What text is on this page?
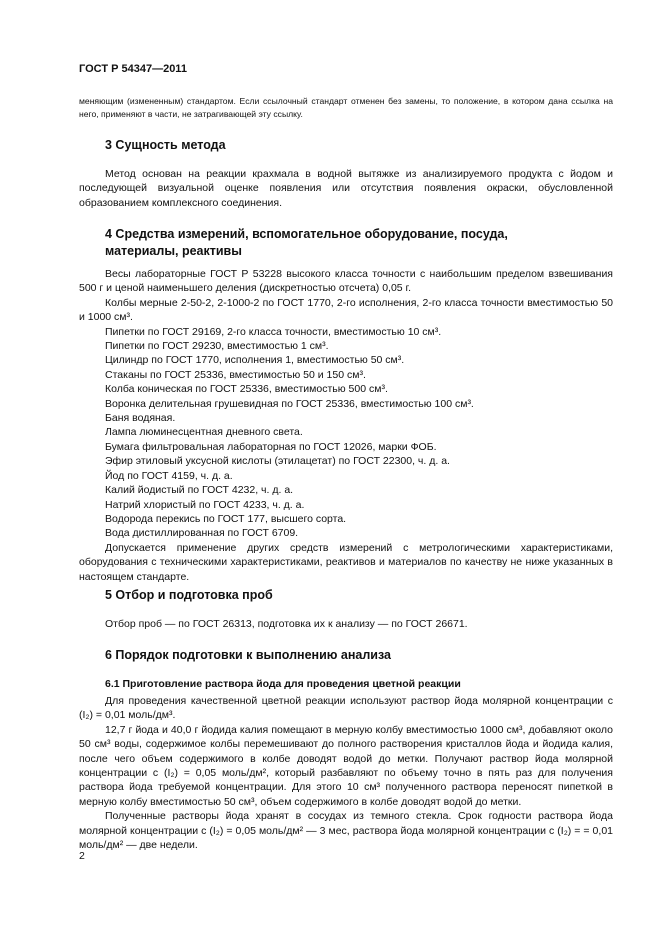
ГОСТ Р 54347—2011

меняющим (измененным) стандартом. Если ссылочный стандарт отменен без замены, то положение, в котором дана ссылка на него, применяют в части, не затрагивающей эту ссылку.

3 Сущность метода

Метод основан на реакции крахмала в водной вытяжке из анализируемого продукта с йодом и последующей визуальной оценке появления или отсутствия появления окраски, обусловленной образованием комплексного соединения.

4 Средства измерений, вспомогательное оборудование, посуда,
материалы, реактивы

Весы лабораторные ГОСТ Р 53228 высокого класса точности с наибольшим пределом взвешивания 500 г и ценой наименьшего деления (дискретностью отсчета) 0,05 г.

Колбы мерные 2-50-2, 2-1000-2 по ГОСТ 1770, 2-го исполнения, 2-го класса точности вместимостью 50 и 1000 см³.

Пипетки по ГОСТ 29169, 2-го класса точности, вместимостью 10 см³.

Пипетки по ГОСТ 29230, вместимостью 1 см³.

Цилиндр по ГОСТ 1770, исполнения 1, вместимостью 50 см³.

Стаканы по ГОСТ 25336, вместимостью 50 и 150 см³.

Колба коническая по ГОСТ 25336, вместимостью 500 см³.

Воронка делительная грушевидная по ГОСТ 25336, вместимостью 100 см³.

Баня водяная.

Лампа люминесцентная дневного света.

Бумага фильтровальная лабораторная по ГОСТ 12026, марки ФОБ.

Эфир этиловый уксусной кислоты (этилацетат) по ГОСТ 22300, ч. д. а.

Йод по ГОСТ 4159, ч. д. а.

Калий йодистый по ГОСТ 4232, ч. д. а.

Натрий хлористый по ГОСТ 4233, ч. д. а.

Водорода перекись по ГОСТ 177, высшего сорта.

Вода дистиллированная по ГОСТ 6709.

Допускается применение других средств измерений с метрологическими характеристиками, оборудования с техническими характеристиками, реактивов и материалов по качеству не ниже указанных в настоящем стандарте.

5 Отбор и подготовка проб

Отбор проб — по ГОСТ 26313, подготовка их к анализу — по ГОСТ 26671.

6 Порядок подготовки к выполнению анализа
6.1 Приготовление раствора йода для проведения цветной реакции

Для проведения качественной цветной реакции используют раствор йода молярной концентрации c (I₂) = 0,01 моль/дм³.

12,7 г йода и 40,0 г йодида калия помещают в мерную колбу вместимостью 1000 см³, добавляют около 50 см³ воды, содержимое колбы перемешивают до полного растворения кристаллов йода и йодида калия, после чего объем содержимого в колбе доводят водой до метки. Получают раствор йода молярной концентрации c (I₂) = 0,05 моль/дм², который разбавляют по объему точно в пять раз для получения раствора йода требуемой концентрации. Для этого 10 см³ полученного раствора переносят пипеткой в мерную колбу вместимостью 50 см³, объем содержимого в колбе доводят водой до метки.

Полученные растворы йода хранят в сосудах из темного стекла. Срок годности раствора йода молярной концентрации c (I₂) = 0,05 моль/дм² — 3 мес, раствора йода молярной концентрации c (I₂) = = 0,01 моль/дм² — две недели.

2
